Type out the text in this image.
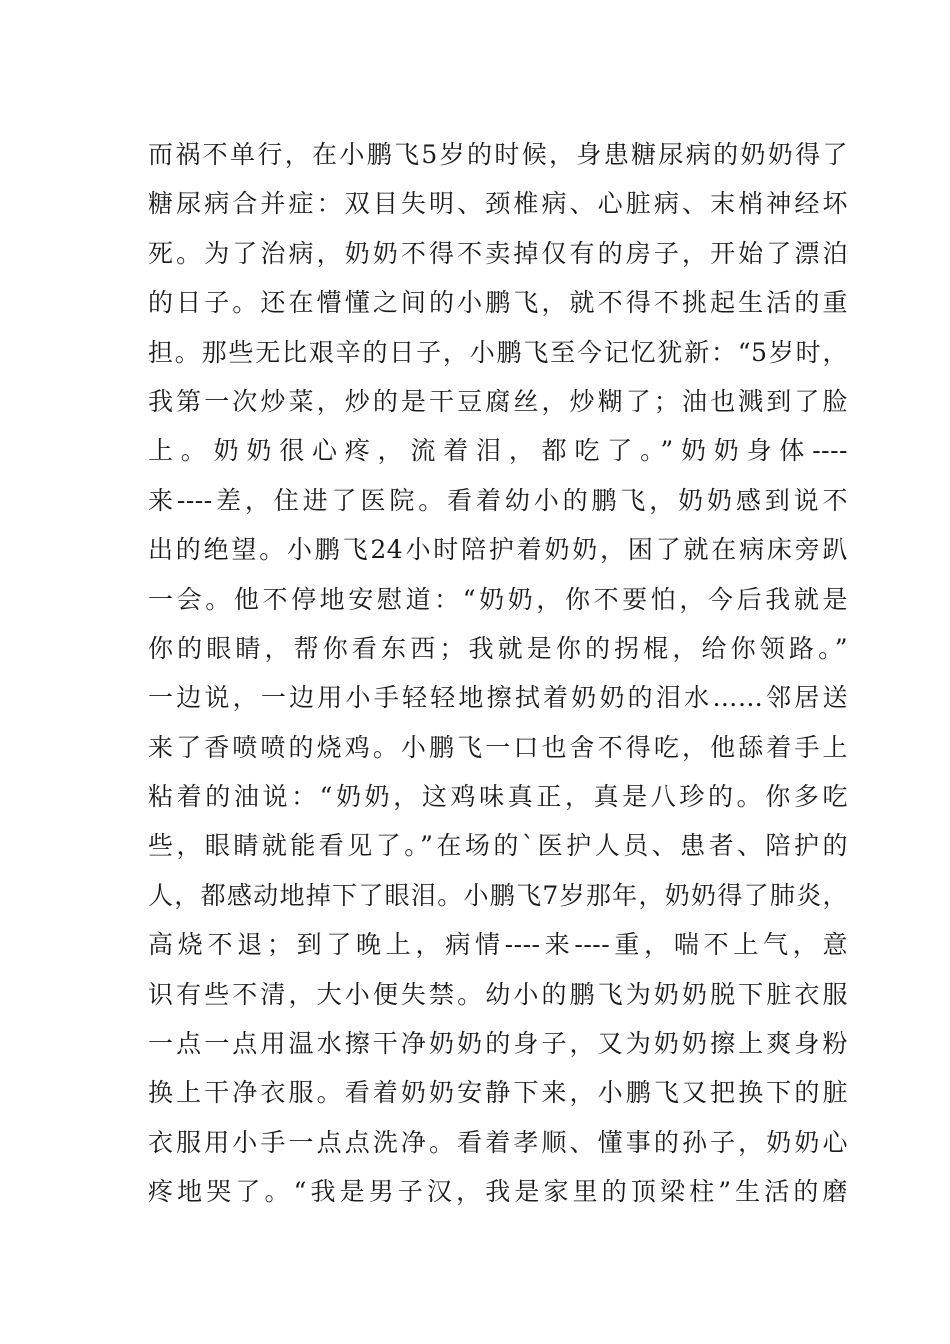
而祸不单行，在小鹏飞5岁的时候，身患糖尿病的奶奶得了
糖尿病合并症：双目失明、颈椎病、心脏病、末梢神经坏
死。为了治病，奶奶不得不卖掉仅有的房子，开始了漂泊
的日子。还在懵懂之间的小鹏飞，就不得不挑起生活的重
担。那些无比艰辛的日子，小鹏飞至今记忆犹新：“5岁时，
我第一次炒菜，炒的是干豆腐丝，炒糊了；油也溅到了脸
上。奶奶很心疼，流着泪，都吃了。”奶奶身体----
来----差，住进了医院。看着幼小的鹏飞，奶奶感到说不
出的绝望。小鹏飞24小时陪护着奶奶，困了就在病床旁趴
一会。他不停地安慰道：“奶奶，你不要怕，今后我就是
你的眼睛，帮你看东西；我就是你的拐棍，给你领路。”
一边说，一边用小手轻轻地擦拭着奶奶的泪水……邻居送
来了香喷喷的烧鸡。小鹏飞一口也舍不得吃，他舔着手上
粘着的油说：“奶奶，这鸡味真正，真是八珍的。你多吃
些，眼睛就能看见了。”在场的`医护人员、患者、陪护的
人，都感动地掉下了眼泪。小鹏飞7岁那年，奶奶得了肺炎，
高烧不退；到了晚上，病情----来----重，喘不上气，意
识有些不清，大小便失禁。幼小的鹏飞为奶奶脱下脏衣服
一点一点用温水擦干净奶奶的身子，又为奶奶擦上爽身粉
换上干净衣服。看着奶奶安静下来，小鹏飞又把换下的脏
衣服用小手一点点洗净。看着孝顺、懂事的孙子，奶奶心
疼地哭了。“我是男子汉，我是家里的顶梁柱”生活的磨
